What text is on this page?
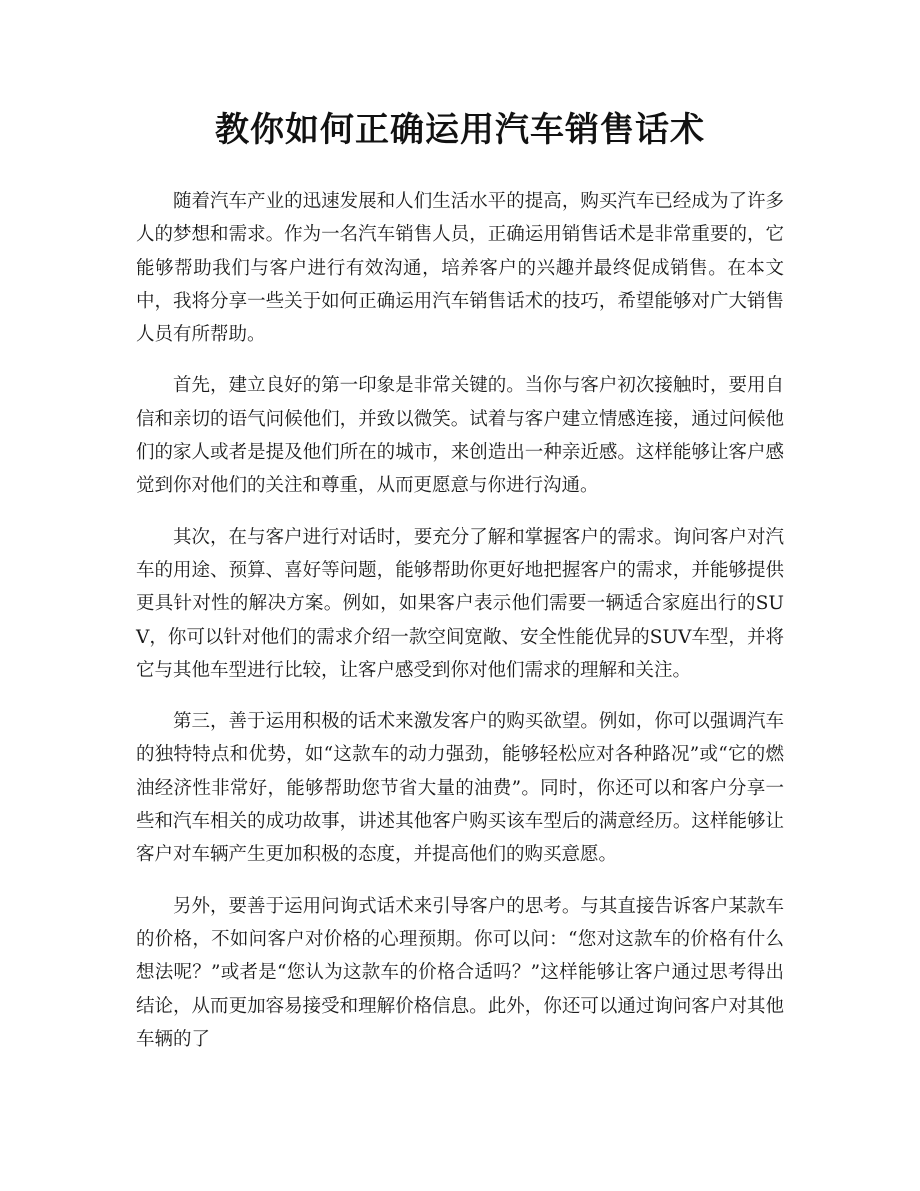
教你如何正确运用汽车销售话术

随着汽车产业的迅速发展和人们生活水平的提高，购买汽车已经成为了许多人的梦想和需求。作为一名汽车销售人员，正确运用销售话术是非常重要的，它能够帮助我们与客户进行有效沟通，培养客户的兴趣并最终促成销售。在本文中，我将分享一些关于如何正确运用汽车销售话术的技巧，希望能够对广大销售人员有所帮助。

首先，建立良好的第一印象是非常关键的。当你与客户初次接触时，要用自信和亲切的语气问候他们，并致以微笑。试着与客户建立情感连接，通过问候他们的家人或者是提及他们所在的城市，来创造出一种亲近感。这样能够让客户感觉到你对他们的关注和尊重，从而更愿意与你进行沟通。

其次，在与客户进行对话时，要充分了解和掌握客户的需求。询问客户对汽车的用途、预算、喜好等问题，能够帮助你更好地把握客户的需求，并能够提供更具针对性的解决方案。例如，如果客户表示他们需要一辆适合家庭出行的SUV，你可以针对他们的需求介绍一款空间宽敞、安全性能优异的SUV车型，并将它与其他车型进行比较，让客户感受到你对他们需求的理解和关注。

第三，善于运用积极的话术来激发客户的购买欲望。例如，你可以强调汽车的独特特点和优势，如“这款车的动力强劲，能够轻松应对各种路况”或“它的燃油经济性非常好，能够帮助您节省大量的油费”。同时，你还可以和客户分享一些和汽车相关的成功故事，讲述其他客户购买该车型后的满意经历。这样能够让客户对车辆产生更加积极的态度，并提高他们的购买意愿。

另外，要善于运用问询式话术来引导客户的思考。与其直接告诉客户某款车的价格，不如问客户对价格的心理预期。你可以问：“您对这款车的价格有什么想法呢？”或者是“您认为这款车的价格合适吗？”这样能够让客户通过思考得出结论，从而更加容易接受和理解价格信息。此外，你还可以通过询问客户对其他车辆的了
